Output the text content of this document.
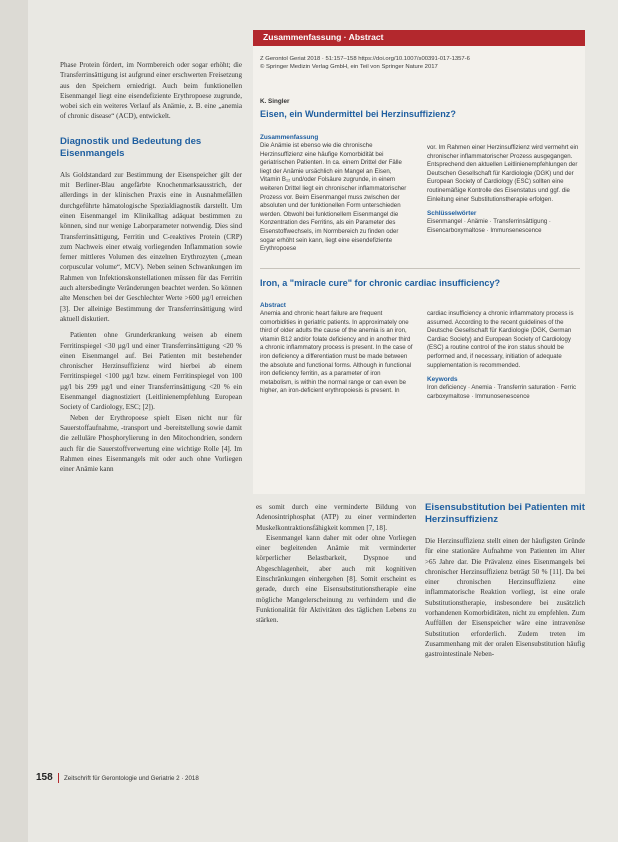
Zusammenfassung · Abstract
Z Gerontol Geriat 2018 · 51:157–158 https://doi.org/10.1007/s00391-017-1357-6
© Springer Medizin Verlag GmbH, ein Teil von Springer Nature 2017
K. Singler
Eisen, ein Wundermittel bei Herzinsuffizienz?
Zusammenfassung
Die Anämie ist ebenso wie die chronische Herzinsuffizienz eine häufige Komorbidität bei geriatrischen Patienten. In ca. einem Drittel der Fälle liegt der Anämie ursächlich ein Mangel an Eisen, Vitamin B₁₂ und/oder Folsäure zugrunde, in einem weiteren Drittel liegt ein chronischer inflammatorischer Prozess vor. Beim Eisenmangel muss zwischen der absoluten und der funktionellen Form unterschieden werden. Obwohl bei funktionellem Eisenmangel die Konzentration des Ferritins, als ein Parameter des Eisenstoffwechsels, im Normbereich zu finden oder sogar erhöht sein kann, liegt eine eisendefiziente Erythropoese
vor. Im Rahmen einer Herzinsuffizienz wird vermehrt ein chronischer inflammatorischer Prozess ausgegangen. Entsprechend den aktuellen Leitlinienempfehlungen der Deutschen Gesellschaft für Kardiologie (DGK) und der European Society of Cardiology (ESC) sollten eine routinemäßige Kontrolle des Eisenstatus und ggf. die Einleitung einer Substitutionstherapie erfolgen.
Schlüsselwörter
Eisenmangel · Anämie · Transferrinsättigung · Eisencarboxymaltose · Immunsenescence
Iron, a "miracle cure" for chronic cardiac insufficiency?
Abstract
Anemia and chronic heart failure are frequent comorbidities in geriatric patients. In approximately one third of older adults the cause of the anemia is an iron, vitamin B12 and/or folate deficiency and in another third a chronic inflammatory process is present. In the case of iron deficiency a differentiation must be made between the absolute and functional forms. Although in functional iron deficiency ferritin, as a parameter of iron metabolism, is within the normal range or can even be higher, an iron-deficient erythropoiesis is present. In
cardiac insufficiency a chronic inflammatory process is assumed. According to the recent guidelines of the Deutsche Gesellschaft für Kardiologie (DGK, German Cardiac Society) and European Society of Cardiology (ESC) a routine control of the iron status should be performed and, if necessary, initiation of adequate supplementation is recommended.
Keywords
Iron deficiency · Anemia · Transferrin saturation · Ferric carboxymaltose · Immunosenescence

Phase Protein fördert, im Normbereich oder sogar erhöht; die Transferrinsättigung ist aufgrund einer erschwerten Freisetzung aus den Speichern erniedrigt. Auch beim funktionellen Eisenmangel liegt eine eisendefiziente Erythropoese zugrunde, wobei sich ein weiteres Verlauf als Anämie, z. B. eine „anemia of chronic disease“ (ACD), entwickelt.

Diagnostik und Bedeutung des Eisenmangels

Als Goldstandard zur Bestimmung der Eisenspeicher gilt der mit Berliner-Blau angefärbte Knochenmarksausstrich, der allerdings in der klinischen Praxis eine in Ausnahmefällen durchgeführte hämatologische Spezialdiagnostik darstellt. Um einen Eisenmangel im Klinikalltag adäquat bestimmen zu können, sind nur wenige Laborparameter notwendig. Dies sind Transferrinsättigung, Ferritin und C-reaktives Protein (CRP) zum Nachweis einer etwaig vorliegenden Inflammation sowie ferner mittleres Volumen des einzelnen Erythrozyten („mean corpuscular volume“, MCV). Neben seinen Schwankungen im Rahmen von Infektionskonstellationen müssen für das Ferritin auch altersbedingte Veränderungen beachtet werden. So können alte Menschen bei der Geschlechter Werte >600 µg/l erreichen [3]. Der alleinige Bestimmung der Transferrinsättigung wird aktuell diskutiert.

Patienten ohne Grunderkrankung weisen ab einem Ferritinspiegel <30 µg/l und einer Transferrinsättigung <20 % einen Eisenmangel auf. Bei Patienten mit bestehender chronischer Herzinsuffizienz wird hierbei ab einem Ferritinspiegel <100 µg/l bzw. einem Ferritinspiegel von 100 µg/l bis 299 µg/l und einer Transferrinsättigung <20 % ein Eisenmangel diagnostiziert (Leitlinienempfehlung European Society of Cardiology, ESC; [2]).

Neben der Erythropoese spielt Eisen nicht nur für Sauerstoffaufnahme, -transport und -bereitstellung sowie damit die zelluläre Phosphorylierung in den Mitochondrien, sondern auch für die Sauerstoffverwertung eine wichtige Rolle [4]. Im Rahmen eines Eisenmangels mit oder auch ohne Vorliegen einer Anämie kann

es somit durch eine verminderte Bildung von Adenosintriphosphat (ATP) zu einer verminderten Muskelkontraktionsfähigkeit kommen [7, 18].

Eisenmangel kann daher mit oder ohne Vorliegen einer begleitenden Anämie mit verminderter körperlicher Belastbarkeit, Dyspnoe und Abgeschlagenheit, aber auch mit kognitiven Einschränkungen einhergehen [8]. Somit erscheint es gerade, durch eine Eisensubstitutionstherapie eine mögliche Mangelerscheinung zu verhindern und die Funktionalität für Aktivitäten des täglichen Lebens zu stärken.

Eisensubstitution bei Patienten mit Herzinsuffizienz

Die Herzinsuffizienz stellt einen der häufigsten Gründe für eine stationäre Aufnahme von Patienten im Alter >65 Jahre dar. Die Prävalenz eines Eisenmangels bei chronischer Herzinsuffizienz beträgt 50 % [11]. Da bei einer chronischen Herzinsuffizienz eine inflammatorische Reaktion vorliegt, ist eine orale Substitutionstherapie, insbesondere bei zusätzlich vorhandenen Komorbiditäten, nicht zu empfehlen. Zum Auffüllen der Eisenspeicher wäre eine intravenöse Substitution erforderlich. Zudem treten im Zusammenhang mit der oralen Eisensubstitution häufig gastrointestinale Neben-

158 Zeitschrift für Gerontologie und Geriatrie 2 · 2018
